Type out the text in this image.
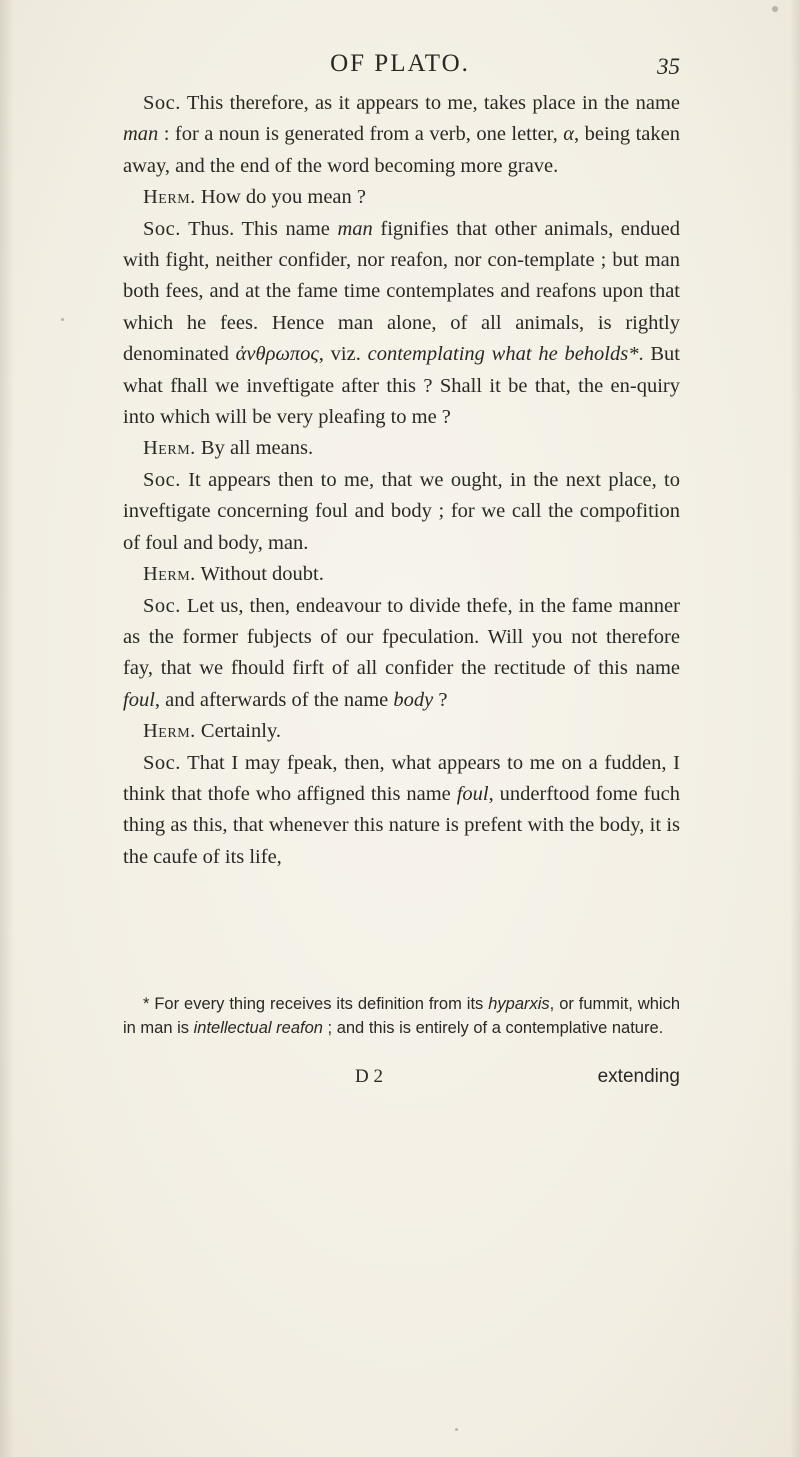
OF PLATO.	35

Soc. This therefore, as it appears to me, takes place in the name man : for a noun is generated from a verb, one letter, α, being taken away, and the end of the word becoming more grave.

Herm. How do you mean ?

Soc. Thus. This name man fignifies that other animals, endued with fight, neither confider, nor reafon, nor con-template ; but man both fees, and at the fame time contemplates and reafons upon that which he fees. Hence man alone, of all animals, is rightly denominated ἀνθρωπος, viz. contemplating what he beholds*. But what fhall we inveftigate after this ? Shall it be that, the en-quiry into which will be very pleafing to me ?

Herm. By all means.

Soc. It appears then to me, that we ought, in the next place, to inveftigate concerning foul and body ; for we call the compofition of foul and body, man.

Herm. Without doubt.

Soc. Let us, then, endeavour to divide thefe, in the fame manner as the former fubjects of our fpeculation. Will you not therefore fay, that we fhould firft of all confider the rectitude of this name foul, and afterwards of the name body ?

Herm. Certainly.

Soc. That I may fpeak, then, what appears to me on a fudden, I think that thofe who affigned this name foul, underftood fome fuch thing as this, that whenever this nature is prefent with the body, it is the caufe of its life,

* For every thing receives its definition from its hyparxis, or fummit, which in man is intellectual reafon ; and this is entirely of a contemplative nature.
D 2	extending
